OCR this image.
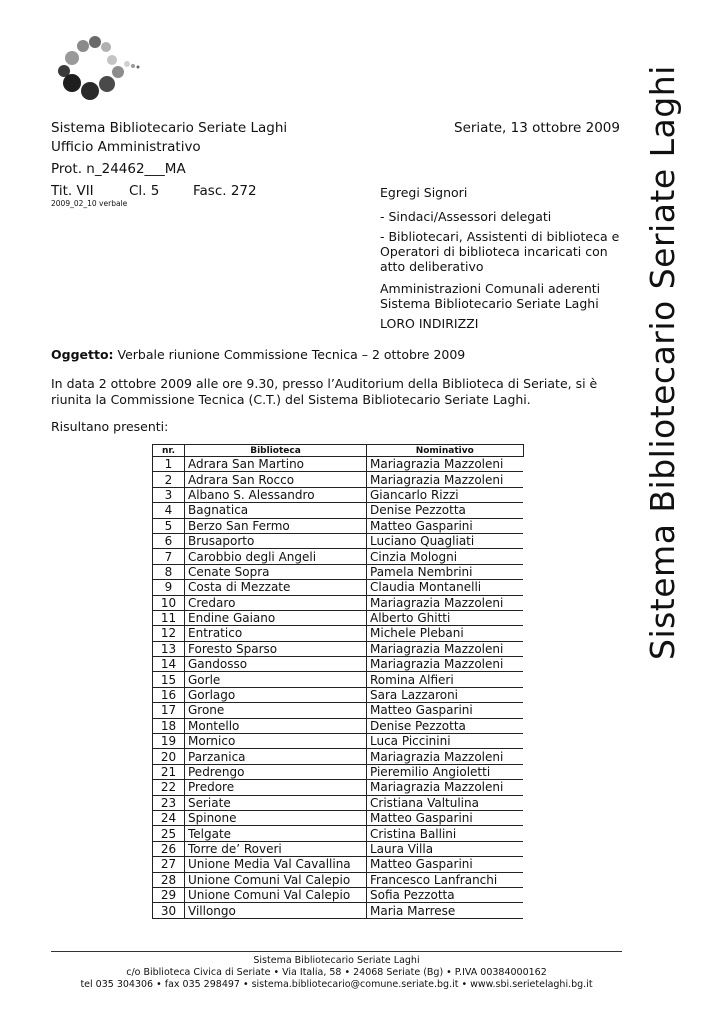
Sistema Bibliotecario Seriate Laghi
Sistema Bibliotecario Seriate Laghi
Ufficio Amministrativo
Prot. n_24462___MA
Tit. VII	Cl. 5 Fasc. 272
2009_02_10 verbale
Seriate, 13 ottobre 2009
Egregi Signori
- Sindaci/Assessori delegati
- Bibliotecari, Assistenti di biblioteca e
Operatori di biblioteca incaricati con
atto deliberativo
Amministrazioni Comunali aderenti
Sistema Bibliotecario Seriate Laghi
LORO INDIRIZZI
Oggetto: Verbale riunione Commissione Tecnica – 2 ottobre 2009
In data 2 ottobre 2009 alle ore 9.30, presso l’Auditorium della Biblioteca di Seriate, si è
riunita la Commissione Tecnica (C.T.) del Sistema Bibliotecario Seriate Laghi.
Risultano presenti:
nr.	Biblioteca	Nominativo
1	Adrara San Martino	Mariagrazia Mazzoleni
2	Adrara San Rocco	Mariagrazia Mazzoleni
3	Albano S. Alessandro	Giancarlo Rizzi
4	Bagnatica	Denise Pezzotta
5	Berzo San Fermo	Matteo Gasparini
6	Brusaporto	Luciano Quagliati
7	Carobbio degli Angeli	Cinzia Mologni
8	Cenate Sopra	Pamela Nembrini
9	Costa di Mezzate	Claudia Montanelli
10	Credaro	Mariagrazia Mazzoleni
11	Endine Gaiano	Alberto Ghitti
12	Entratico	Michele Plebani
13	Foresto Sparso	Mariagrazia Mazzoleni
14	Gandosso	Mariagrazia Mazzoleni
15	Gorle	Romina Alfieri
16	Gorlago	Sara Lazzaroni
17	Grone	Matteo Gasparini
18	Montello	Denise Pezzotta
19	Mornico	Luca Piccinini
20	Parzanica	Mariagrazia Mazzoleni
21	Pedrengo	Pieremilio Angioletti
22	Predore	Mariagrazia Mazzoleni
23	Seriate	Cristiana Valtulina
24	Spinone	Matteo Gasparini
25	Telgate	Cristina Ballini
26	Torre de’ Roveri	Laura Villa
27	Unione Media Val Cavallina	Matteo Gasparini
28	Unione Comuni Val Calepio	Francesco Lanfranchi
29	Unione Comuni Val Calepio	Sofia Pezzotta
30	Villongo	Maria Marrese
Sistema Bibliotecario Seriate Laghi
c/o Biblioteca Civica di Seriate • Via Italia, 58 • 24068 Seriate (Bg) • P.IVA 00384000162
tel 035 304306 • fax 035 298497 • sistema.bibliotecario@comune.seriate.bg.it • www.sbi.serietelaghi.bg.it
